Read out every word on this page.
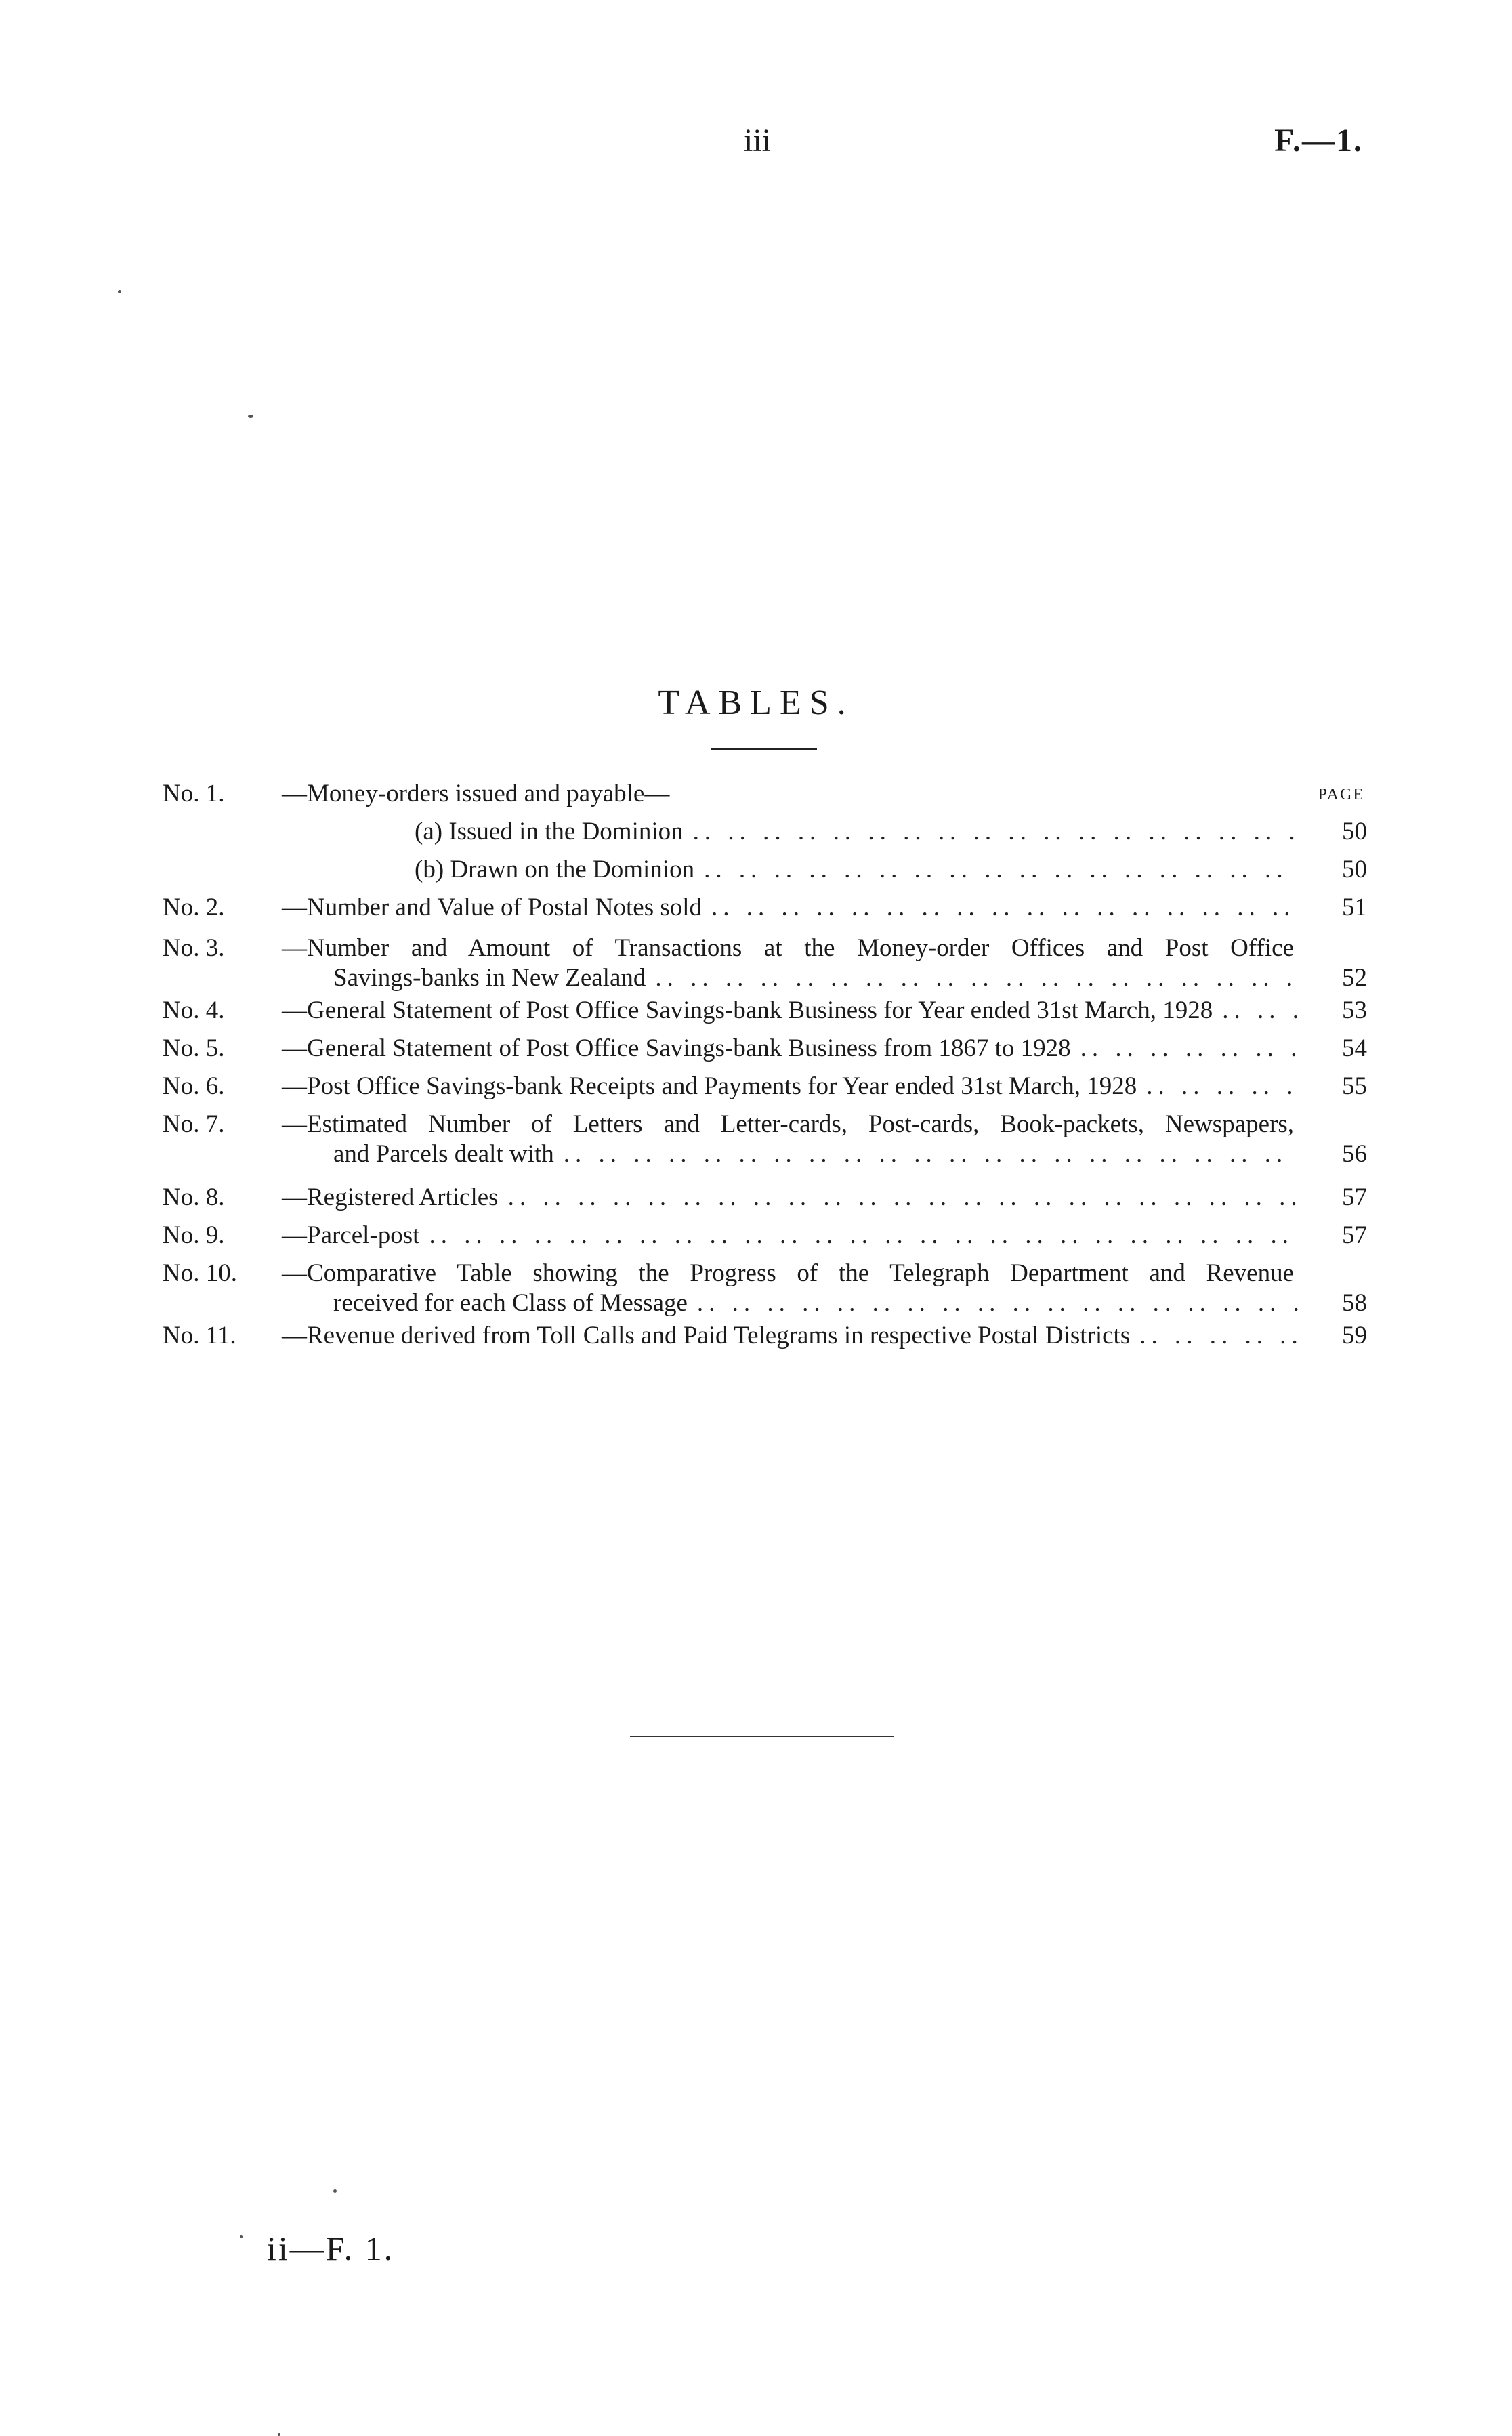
iii	F.—1.
TABLES.
PAGE
No. 1.	—Money-orders issued and payable—
(a) Issued in the Dominion .. .	50
(b) Drawn on the Dominion .. .	50
No. 2.	—Number and Value of Postal Notes sold .. .	51
No. 3.	—Number and Amount of Transactions at the Money-order Offices and Post Office
Savings-banks in New Zealand .. .	52
No. 4.	—General Statement of Post Office Savings-bank Business for Year ended 31st March, 1928 .. .	53
No. 5.	—General Statement of Post Office Savings-bank Business from 1867 to 1928 .. .	54
No. 6.	—Post Office Savings-bank Receipts and Payments for Year ended 31st March, 1928 .. .	55
No. 7.	—Estimated Number of Letters and Letter-cards, Post-cards, Book-packets, Newspapers,
and Parcels dealt with .. .	56
No. 8.	—Registered Articles .. .	57
No. 9.	—Parcel-post .. .	57
No. 10.	—Comparative Table showing the Progress of the Telegraph Department and Revenue
received for each Class of Message .. .	58
No. 11.	—Revenue derived from Toll Calls and Paid Telegrams in respective Postal Districts .. .	59
ii—F. 1.
